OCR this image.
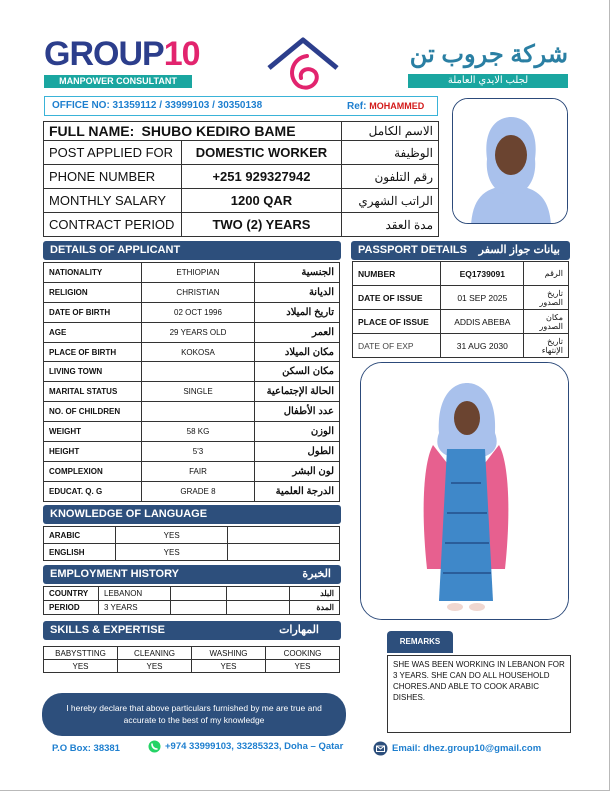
GROUP10
MANPOWER CONSULTANT
شركة جروب تن
لجلب الايدي العاملة
OFFICE NO: 31359112 / 33999103 / 30350138	Ref: MOHAMMED
FULL NAME: SHUBO KEDIRO BAME		الاسم الكامل
POST APPLIED FOR	DOMESTIC WORKER	الوظيفة
PHONE NUMBER	+251 929327942	رقم التلفون
MONTHLY SALARY	1200 QAR	الراتب الشهري
CONTRACT PERIOD	TWO (2) YEARS	مدة العقد
DETAILS OF APPLICANT
NATIONALITY	ETHIOPIAN	الجنسية
RELIGION	CHRISTIAN	الديانة
DATE OF BIRTH	02 OCT 1996	تاريخ الميلاد
AGE	29 YEARS OLD	العمر
PLACE OF BIRTH	KOKOSA	مكان الميلاد
LIVING TOWN		مكان السكن
MARITAL STATUS	SINGLE	الحالة الإجتماعية
NO. OF CHILDREN		عدد الأطفال
WEIGHT	58 KG	الوزن
HEIGHT	5'3	الطول
COMPLEXION	FAIR	لون البشر
EDUCAT. Q. G	GRADE 8	الدرجة العلمية
PASSPORT DETAILS بيانات جواز السفر
NUMBER	EQ1739091	الرقم
DATE OF ISSUE	01 SEP 2025	تاريخ الصدور
PLACE OF ISSUE	ADDIS ABEBA	مكان الصدور
DATE OF EXP	31 AUG 2030	تاريخ الإنتهاء
KNOWLEDGE OF LANGUAGE
ARABIC	YES	
ENGLISH	YES	
EMPLOYMENT HISTORY	الخبرة
COUNTRY	LEBANON			البلد
PERIOD	3 YEARS			المدة
SKILLS & EXPERTISE	المهارات
BABYSTTING	CLEANING	WASHING	COOKING
YES	YES	YES	YES
REMARKS
SHE WAS BEEN WORKING IN LEBANON FOR 3 YEARS. SHE CAN DO ALL HOUSEHOLD CHORES.AND ABLE TO COOK ARABIC DISHES.
I hereby declare that above particulars furnished by me are true and accurate to the best of my knowledge
P.O Box: 38381	+974 33999103, 33285323, Doha – Qatar	Email: dhez.group10@gmail.com
